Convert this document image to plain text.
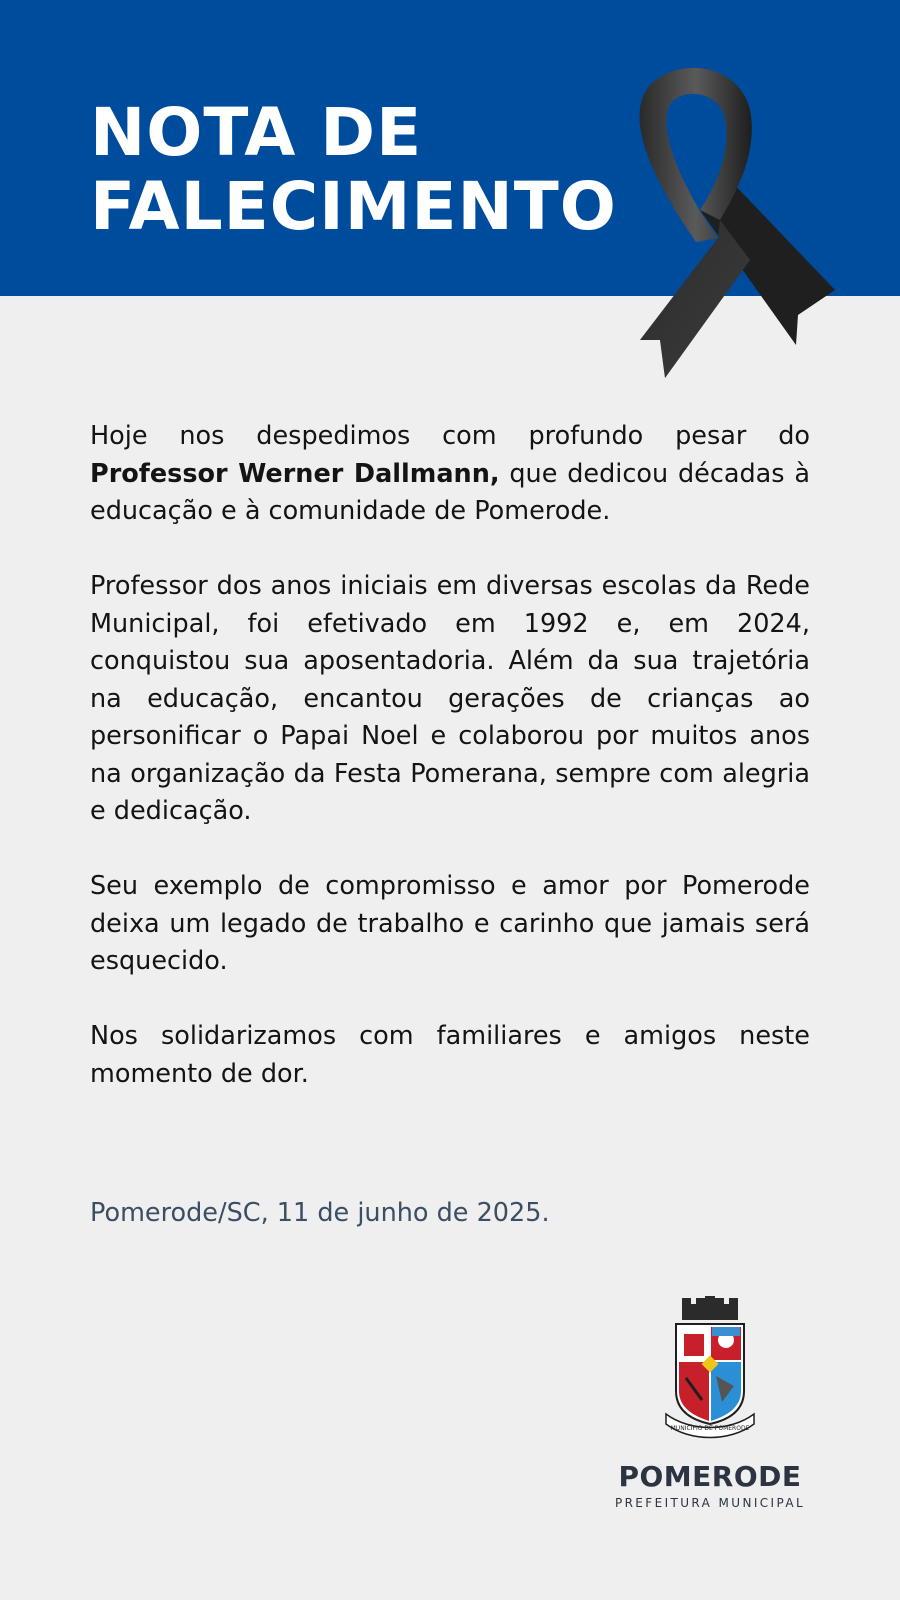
NOTA DE
FALECIMENTO

Hoje nos despedimos com profundo pesar do Professor Werner Dallmann, que dedicou décadas à educação e à comunidade de Pomerode.

Professor dos anos iniciais em diversas escolas da Rede Municipal, foi efetivado em 1992 e, em 2024, conquistou sua aposentadoria. Além da sua trajetória na educação, encantou gerações de crianças ao personificar o Papai Noel e colaborou por muitos anos na organização da Festa Pomerana, sempre com alegria e dedicação.

Seu exemplo de compromisso e amor por Pomerode deixa um legado de trabalho e carinho que jamais será esquecido.

Nos solidarizamos com familiares e amigos neste momento de dor.

Pomerode/SC, 11 de junho de 2025.
MUNICÍPIO DE POMERODE
POMERODE
PREFEITURA MUNICIPAL
